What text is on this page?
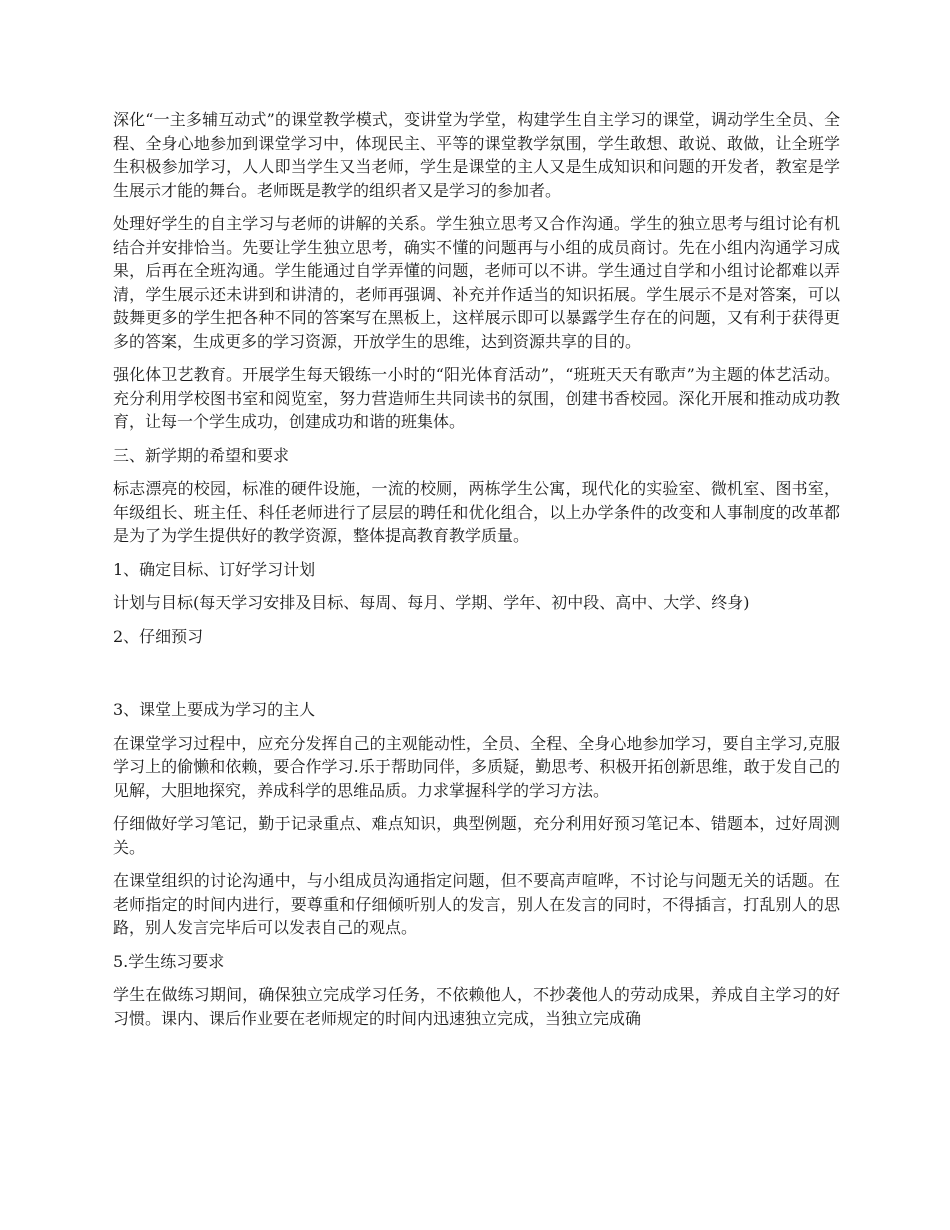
深化“一主多辅互动式”的课堂教学模式，变讲堂为学堂，构建学生自主学习的课堂，调动学生全员、全程、全身心地参加到课堂学习中，体现民主、平等的课堂教学氛围，学生敢想、敢说、敢做，让全班学生积极参加学习，人人即当学生又当老师，学生是课堂的主人又是生成知识和问题的开发者，教室是学生展示才能的舞台。老师既是教学的组织者又是学习的参加者。

处理好学生的自主学习与老师的讲解的关系。学生独立思考又合作沟通。学生的独立思考与组讨论有机结合并安排恰当。先要让学生独立思考，确实不懂的问题再与小组的成员商讨。先在小组内沟通学习成果，后再在全班沟通。学生能通过自学弄懂的问题，老师可以不讲。学生通过自学和小组讨论都难以弄清，学生展示还未讲到和讲清的，老师再强调、补充并作适当的知识拓展。学生展示不是对答案，可以鼓舞更多的学生把各种不同的答案写在黑板上，这样展示即可以暴露学生存在的问题，又有利于获得更多的答案，生成更多的学习资源，开放学生的思维，达到资源共享的目的。

强化体卫艺教育。开展学生每天锻练一小时的“阳光体育活动”，“班班天天有歌声”为主题的体艺活动。充分利用学校图书室和阅览室，努力营造师生共同读书的氛围，创建书香校园。深化开展和推动成功教育，让每一个学生成功，创建成功和谐的班集体。

三、新学期的希望和要求

标志漂亮的校园，标准的硬件设施，一流的校厕，两栋学生公寓，现代化的实验室、微机室、图书室，年级组长、班主任、科任老师进行了层层的聘任和优化组合，以上办学条件的改变和人事制度的改革都是为了为学生提供好的教学资源，整体提高教育教学质量。

1、确定目标、订好学习计划

计划与目标(每天学习安排及目标、每周、每月、学期、学年、初中段、高中、大学、终身)

2、仔细预习

3、课堂上要成为学习的主人

在课堂学习过程中，应充分发挥自己的主观能动性，全员、全程、全身心地参加学习，要自主学习,克服学习上的偷懒和依赖，要合作学习.乐于帮助同伴，多质疑，勤思考、积极开拓创新思维，敢于发自己的见解，大胆地探究，养成科学的思维品质。力求掌握科学的学习方法。

仔细做好学习笔记，勤于记录重点、难点知识，典型例题，充分利用好预习笔记本、错题本，过好周测关。

在课堂组织的讨论沟通中，与小组成员沟通指定问题，但不要高声喧哗，不讨论与问题无关的话题。在老师指定的时间内进行，要尊重和仔细倾听别人的发言，别人在发言的同时，不得插言，打乱别人的思路，别人发言完毕后可以发表自己的观点。

5.学生练习要求

学生在做练习期间，确保独立完成学习任务，不依赖他人，不抄袭他人的劳动成果，养成自主学习的好习惯。课内、课后作业要在老师规定的时间内迅速独立完成，当独立完成确
